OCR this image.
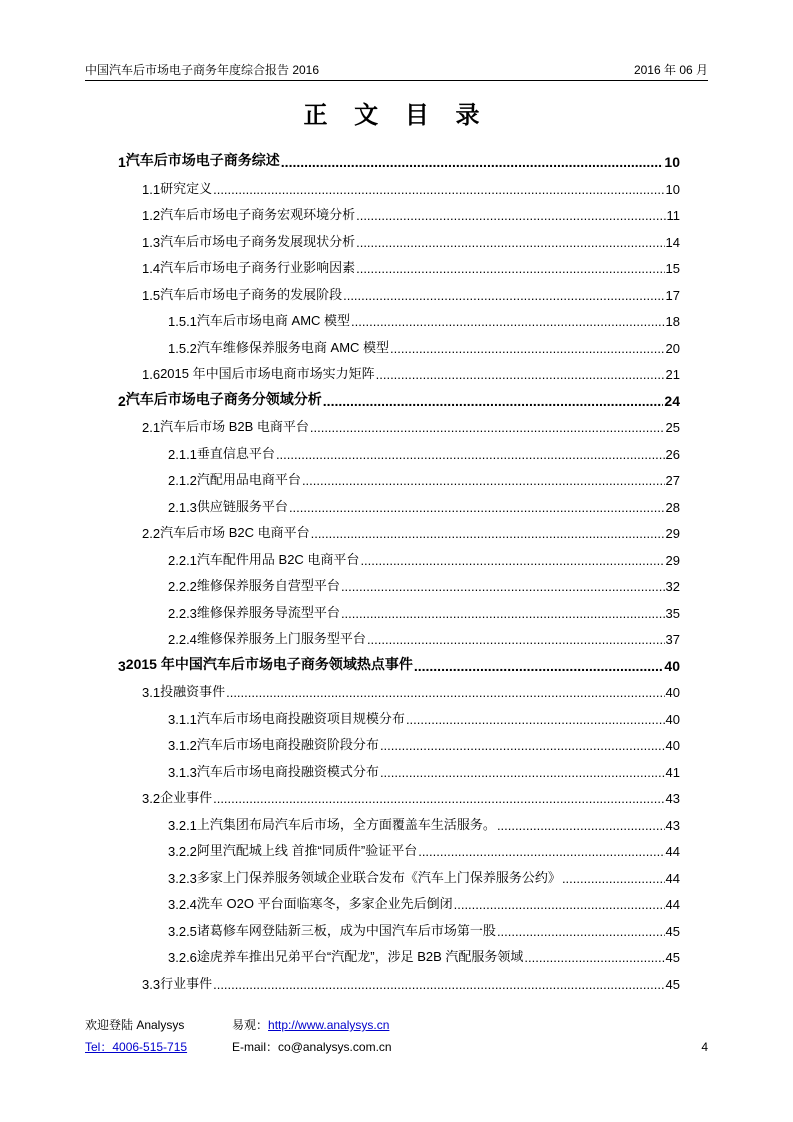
中国汽车后市场电子商务年度综合报告 2016	2016 年 06 月
正 文 目 录
1 汽车后市场电子商务综述 .....	10
1.1 研究定义 .....	10
1.2 汽车后市场电子商务宏观环境分析 .....	11
1.3 汽车后市场电子商务发展现状分析 .....	14
1.4 汽车后市场电子商务行业影响因素 .....	15
1.5 汽车后市场电子商务的发展阶段 .....	17
1.5.1 汽车后市场电商 AMC 模型 .....	18
1.5.2 汽车维修保养服务电商 AMC 模型 .....	20
1.6 2015 年中国后市场电商市场实力矩阵 .....	21
2 汽车后市场电子商务分领域分析 .....	24
2.1 汽车后市场 B2B 电商平台 .....	25
2.1.1 垂直信息平台 .....	26
2.1.2 汽配用品电商平台 .....	27
2.1.3 供应链服务平台 .....	28
2.2 汽车后市场 B2C 电商平台 .....	29
2.2.1 汽车配件用品 B2C 电商平台 .....	29
2.2.2 维修保养服务自营型平台 .....	32
2.2.3 维修保养服务导流型平台 .....	35
2.2.4 维修保养服务上门服务型平台 .....	37
3 2015 年中国汽车后市场电子商务领域热点事件 .....	40
3.1 投融资事件 .....	40
3.1.1 汽车后市场电商投融资项目规模分布 .....	40
3.1.2 汽车后市场电商投融资阶段分布 .....	40
3.1.3 汽车后市场电商投融资模式分布 .....	41
3.2 企业事件 .....	43
3.2.1 上汽集团布局汽车后市场，全方面覆盖车生活服务。 .....	43
3.2.2 阿里汽配城上线 首推“同质件”验证平台 .....	44
3.2.3 多家上门保养服务领域企业联合发布《汽车上门保养服务公约》 .....	44
3.2.4 洗车 O2O 平台面临寒冬，多家企业先后倒闭 .....	44
3.2.5 诸葛修车网登陆新三板，成为中国汽车后市场第一股 .....	45
3.2.6 途虎养车推出兄弟平台“汽配龙”，涉足 B2B 汽配服务领域 .....	45
3.3 行业事件 .....	45
欢迎登陆 Analysys	易观：http://www.analysys.cn
Tel：4006-515-715	E-mail：co@analysys.com.cn	4
